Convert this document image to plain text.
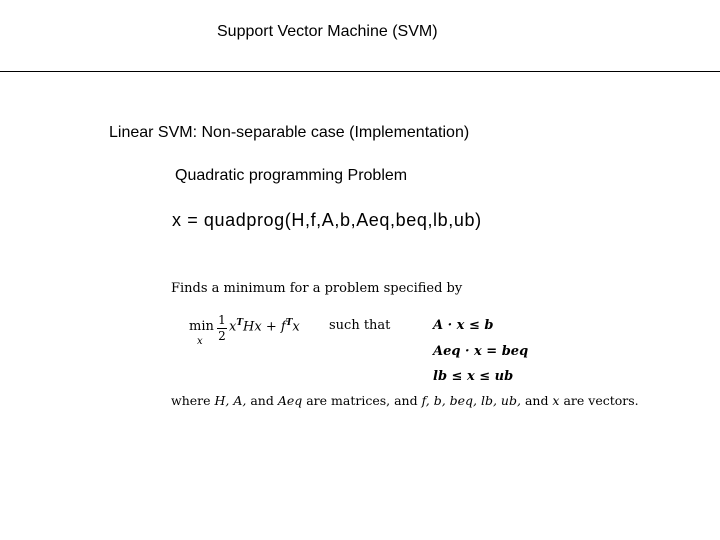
Support Vector Machine (SVM)
Linear SVM: Non-separable case (Implementation)
Quadratic programming Problem
x = quadprog(H,f,A,b,Aeq,beq,lb,ub)
Finds a minimum for a problem specified by
min
x
1
2
$x^THx + f^Tx$ such that	A · x ≤ b
Aeq · x = beq
lb ≤ x ≤ ub
where H, A, and Aeq are matrices, and f, b, beq, lb, ub, and x are vectors.
